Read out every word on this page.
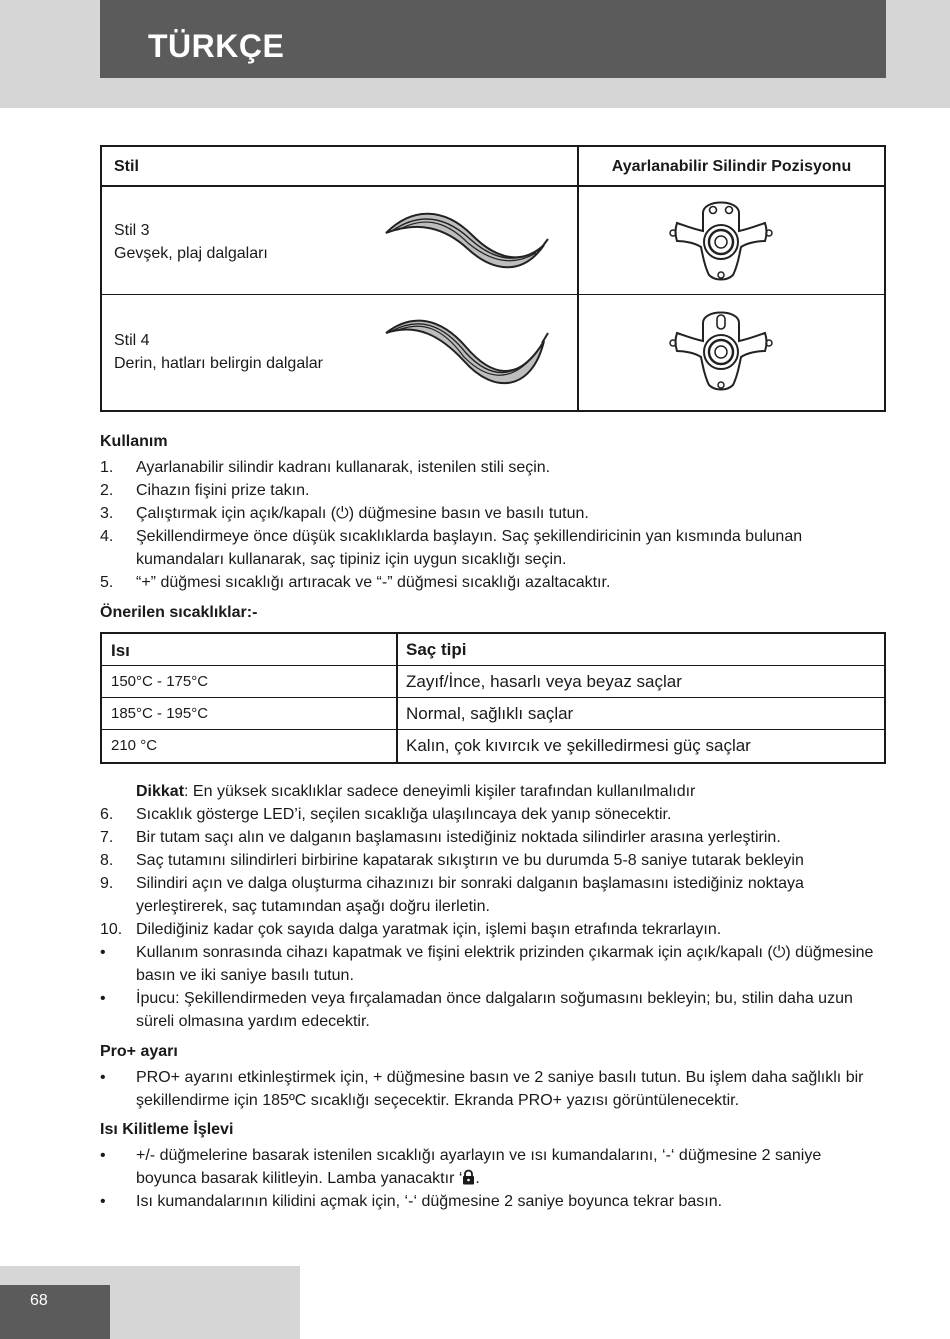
TÜRKÇE
Stil	Ayarlanabilir Silindir Pozisyonu
Stil 3
Gevşek, plaj dalgaları
Stil 4
Derin, hatları belirgin dalgalar
Kullanım
1. Ayarlanabilir silindir kadranı kullanarak, istenilen stili seçin.
2. Cihazın fişini prize takın.
3. Çalıştırmak için açık/kapalı (⏻) düğmesine basın ve basılı tutun.
4. Şekillendirmeye önce düşük sıcaklıklarda başlayın. Saç şekillendiricinin yan kısmında bulunan kumandaları kullanarak, saç tipiniz için uygun sıcaklığı seçin.
5. “+” düğmesi sıcaklığı artıracak ve “-” düğmesi sıcaklığı azaltacaktır.
Önerilen sıcaklıklar:-
Isı	Saç tipi
150°C - 175°C	Zayıf/İnce, hasarlı veya beyaz saçlar
185°C - 195°C	Normal, sağlıklı saçlar
210 °C	Kalın, çok kıvırcık ve şekilledirmesi güç saçlar
Dikkat: En yüksek sıcaklıklar sadece deneyimli kişiler tarafından kullanılmalıdır
6. Sıcaklık gösterge LED’i, seçilen sıcaklığa ulaşılıncaya dek yanıp sönecektir.
7. Bir tutam saçı alın ve dalganın başlamasını istediğiniz noktada silindirler arasına yerleştirin.
8. Saç tutamını silindirleri birbirine kapatarak sıkıştırın ve bu durumda 5-8 saniye tutarak bekleyin
9. Silindiri açın ve dalga oluşturma cihazınızı bir sonraki dalganın başlamasını istediğiniz noktaya yerleştirerek, saç tutamından aşağı doğru ilerletin.
10. Dilediğiniz kadar çok sayıda dalga yaratmak için, işlemi başın etrafında tekrarlayın.
• Kullanım sonrasında cihazı kapatmak ve fişini elektrik prizinden çıkarmak için açık/kapalı (⏻) düğmesine basın ve iki saniye basılı tutun.
• İpucu: Şekillendirmeden veya fırçalamadan önce dalgaların soğumasını bekleyin; bu, stilin daha uzun süreli olmasına yardım edecektir.
Pro+ ayarı
• PRO+ ayarını etkinleştirmek için, + düğmesine basın ve 2 saniye basılı tutun. Bu işlem daha sağlıklı bir şekillendirme için 185ºC sıcaklığı seçecektir. Ekranda PRO+ yazısı görüntülenecektir.
Isı Kilitleme İşlevi
• +/- düğmelerine basarak istenilen sıcaklığı ayarlayın ve ısı kumandalarını, ‘-‘ düğmesine 2 saniye boyunca basarak kilitleyin. Lamba yanacaktır ‘ .
• Isı kumandalarının kilidini açmak için, ‘-‘ düğmesine 2 saniye boyunca tekrar basın.
68
